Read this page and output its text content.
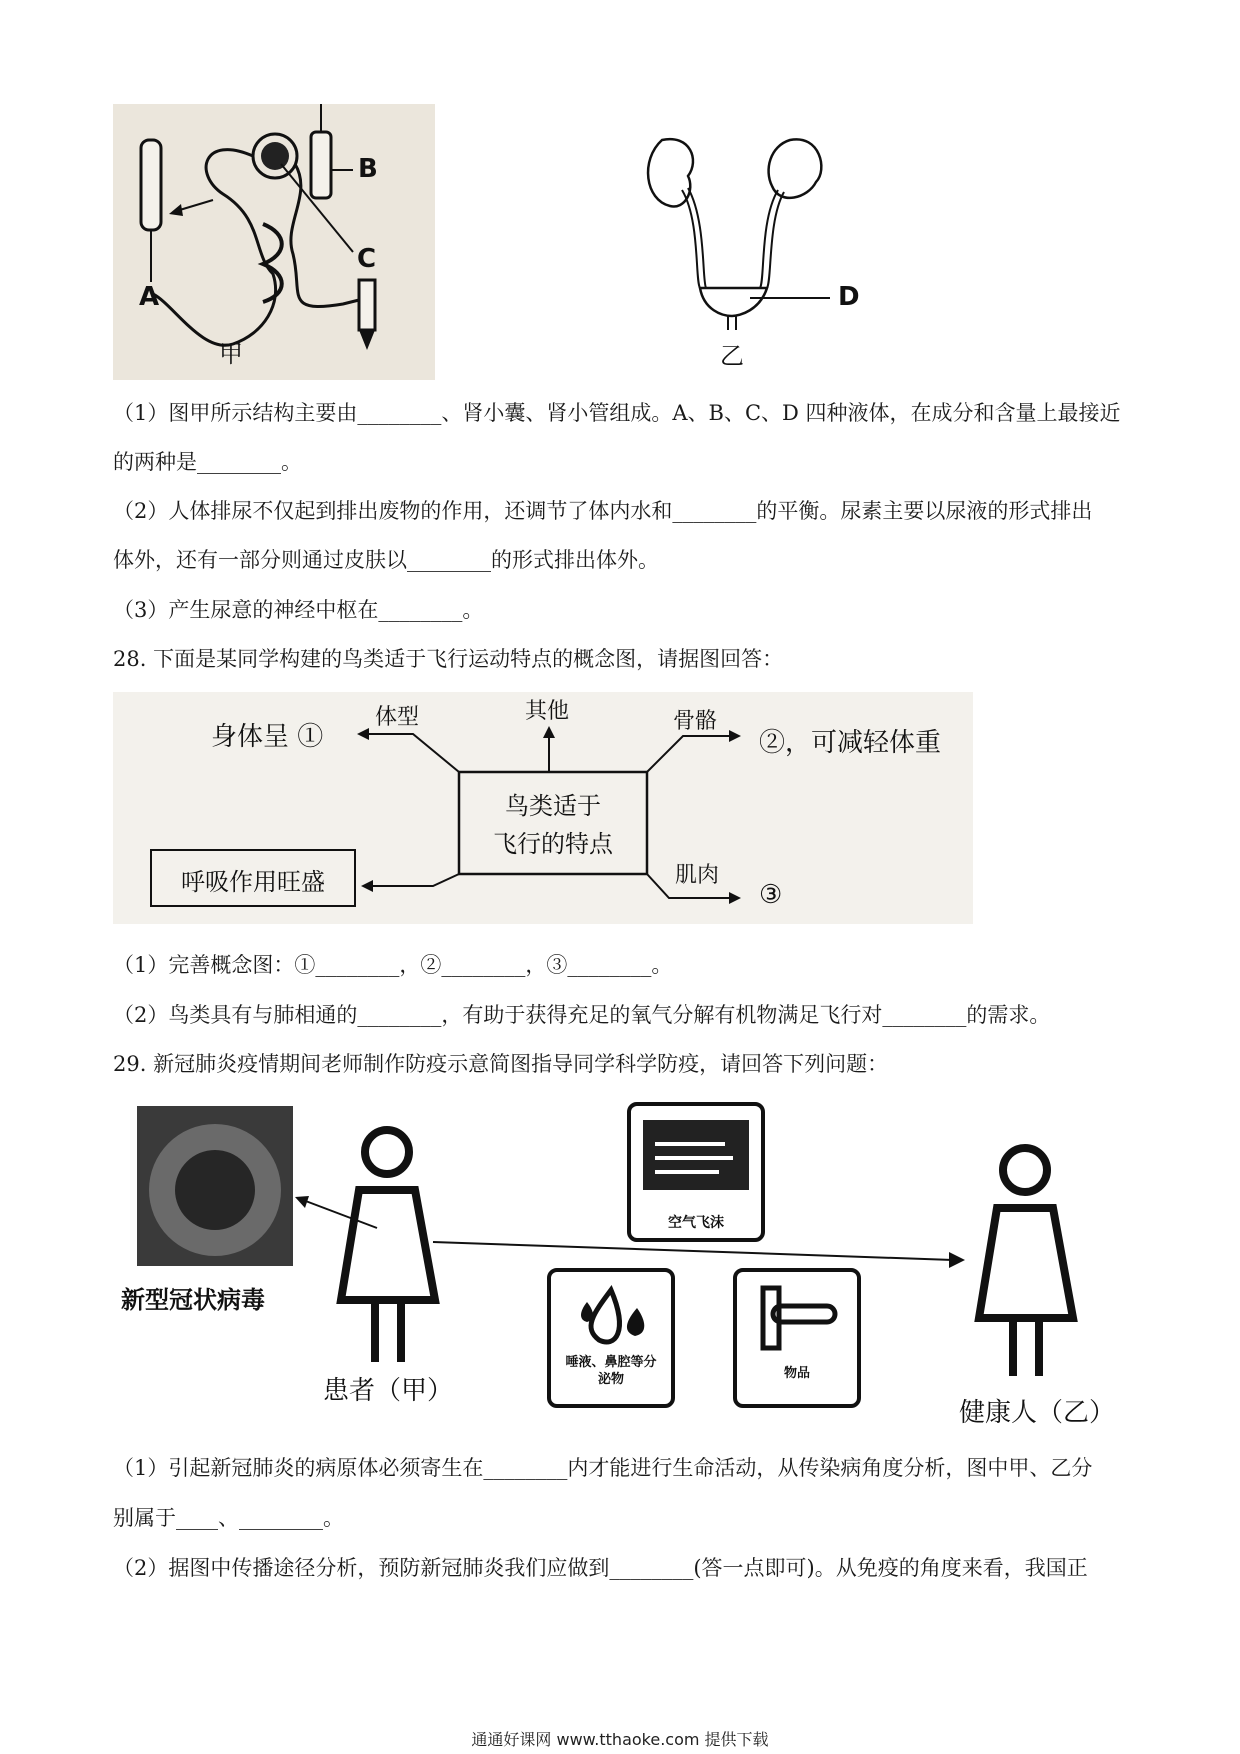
A
B
C
甲
D
乙
（1）图甲所示结构主要由________、肾小囊、肾小管组成。A、B、C、D 四种液体，在成分和含量上最接近
的两种是________。
（2）人体排尿不仅起到排出废物的作用，还调节了体内水和________的平衡。尿素主要以尿液的形式排出
体外，还有一部分则通过皮肤以________的形式排出体外。
（3）产生尿意的神经中枢在________。
28. 下面是某同学构建的鸟类适于飞行运动特点的概念图，请据图回答：
鸟类适于
飞行的特点
体型	其他	骨骼
肌肉
身体呈 ①	②，可减轻体重
③
呼吸作用旺盛
（1）完善概念图：①________，②________，③________。
（2）鸟类具有与肺相通的________，有助于获得充足的氧气分解有机物满足飞行对________的需求。
29. 新冠肺炎疫情期间老师制作防疫示意简图指导同学科学防疫，请回答下列问题：
空气飞沫
唾液、鼻腔等分泌物	物品
新型冠状病毒
患者（甲）
健康人（乙）
（1）引起新冠肺炎的病原体必须寄生在________内才能进行生命活动，从传染病角度分析，图中甲、乙分
别属于____、________。
（2）据图中传播途径分析，预防新冠肺炎我们应做到________(答一点即可)。从免疫的角度来看，我国正
通通好课网 www.tthaoke.com 提供下载
